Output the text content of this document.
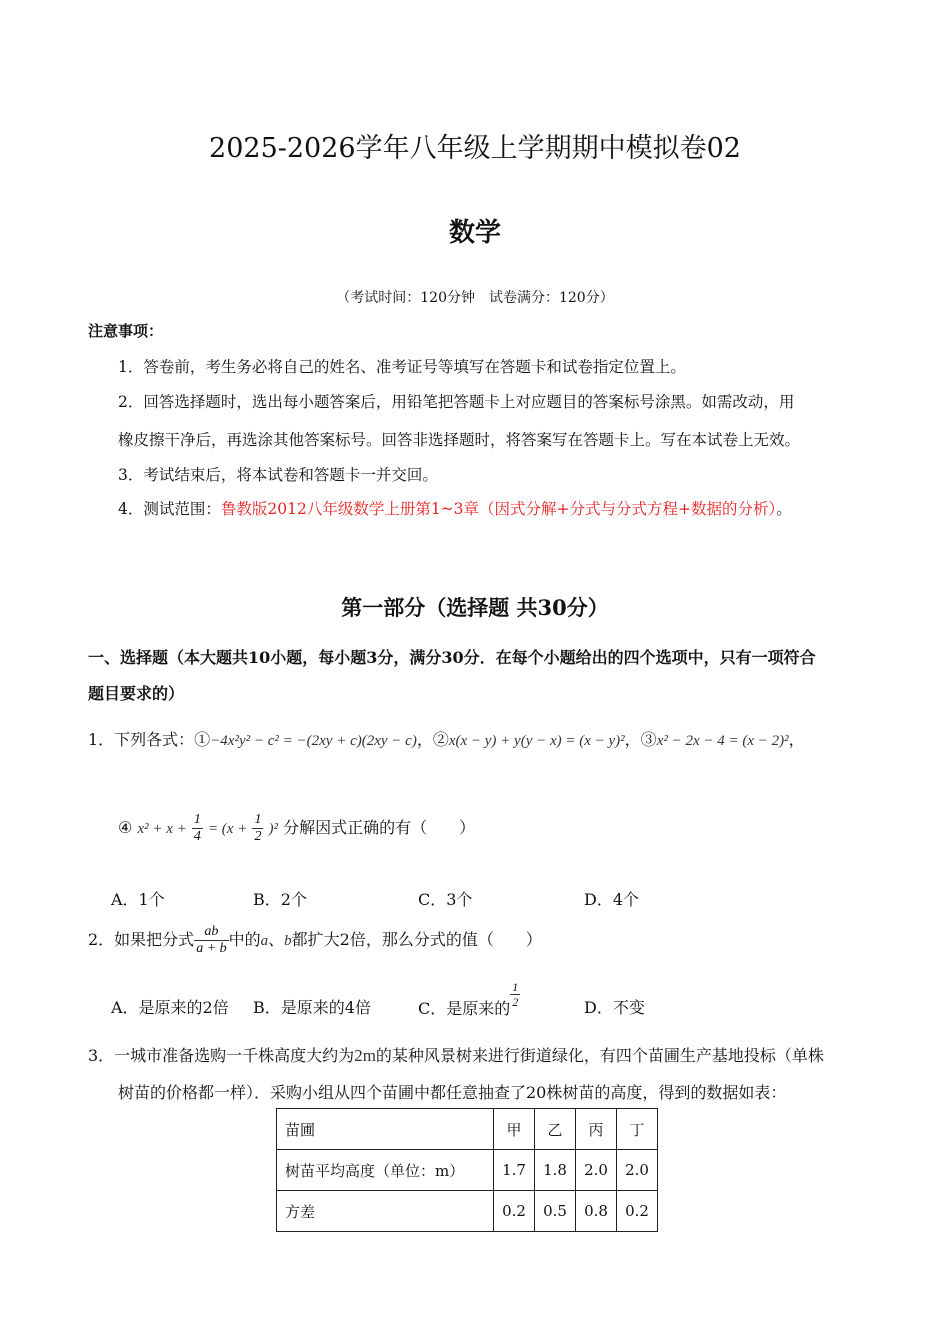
2025-2026学年八年级上学期期中模拟卷02
数学
（考试时间：120分钟　试卷满分：120分）
注意事项：
1．答卷前，考生务必将自己的姓名、准考证号等填写在答题卡和试卷指定位置上。
2．回答选择题时，选出每小题答案后，用铅笔把答题卡上对应题目的答案标号涂黑。如需改动，用
橡皮擦干净后，再选涂其他答案标号。回答非选择题时，将答案写在答题卡上。写在本试卷上无效。
3．考试结束后，将本试卷和答题卡一并交回。
4．测试范围：鲁教版2012八年级数学上册第1~3章（因式分解+分式与分式方程+数据的分析）。
第一部分（选择题 共30分）
一、选择题（本大题共10小题，每小题3分，满分30分．在每个小题给出的四个选项中，只有一项符合
题目要求的）
1．下列各式：①−4x²y² − c² = −(2xy + c)(2xy − c)，②x(x − y) + y(y − x) = (x − y)²，③x² − 2x − 4 = (x − 2)²，
④ $x^2 + x + \frac{1}{4} = (x + \frac{1}{2} )^2$ 分解因式正确的有（　　）
A．1个	B．2个	C．3个	D．4个
2．如果把分式 $\frac{ab}{a + b}$ 中的a、b都扩大2倍，那么分式的值（　　）
A．是原来的2倍 B．是原来的4倍	C．是原来的 $\frac{1}{2}$	D．不变
3．一城市准备选购一千株高度大约为2m的某种风景树来进行街道绿化，有四个苗圃生产基地投标（单株
树苗的价格都一样）．采购小组从四个苗圃中都任意抽查了20株树苗的高度，得到的数据如表：
苗圃	甲	乙	丙	丁
树苗平均高度（单位：m）	1.7	1.8	2.0	2.0
方差	0.2	0.5	0.8	0.2
